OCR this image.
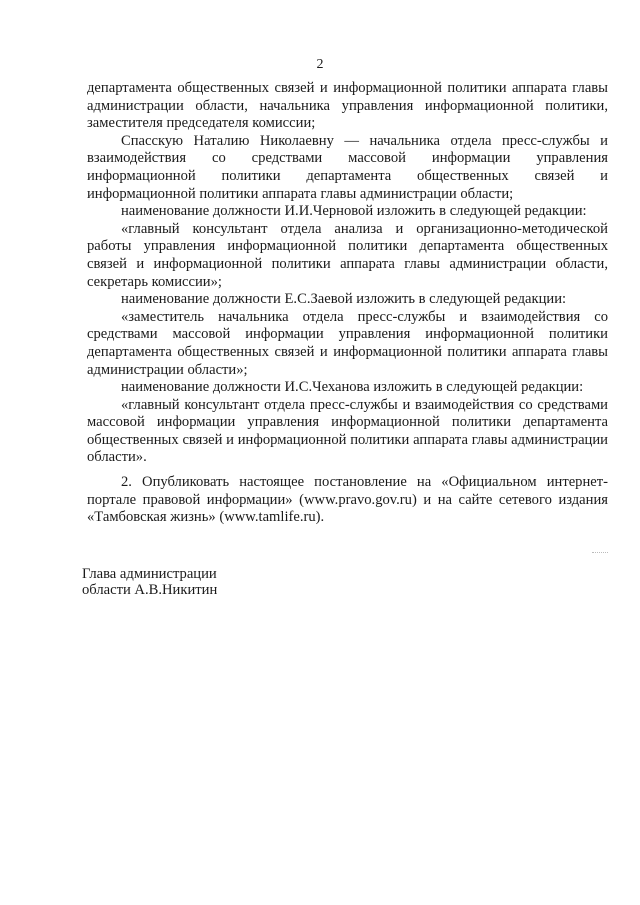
2

департамента общественных связей и информационной политики аппарата главы администрации области, начальника управления информационной политики, заместителя председателя комиссии;

Спасскую Наталию Николаевну — начальника отдела пресс-службы и взаимодействия со средствами массовой информации управления информационной политики департамента общественных связей и информационной политики аппарата главы администрации области;

наименование должности И.И.Черновой изложить в следующей редакции:

«главный консультант отдела анализа и организационно-методической работы управления информационной политики департамента общественных связей и информационной политики аппарата главы администрации области, секретарь комиссии»;

наименование должности Е.С.Заевой изложить в следующей редакции:

«заместитель начальника отдела пресс-службы и взаимодействия со средствами массовой информации управления информационной политики департамента общественных связей и информационной политики аппарата главы администрации области»;

наименование должности И.С.Чеханова изложить в следующей редакции:

«главный консультант отдела пресс-службы и взаимодействия со средствами массовой информации управления информационной политики департамента общественных связей и информационной политики аппарата главы администрации области».

2. Опубликовать настоящее постановление на «Официальном интернет-портале правовой информации» (www.pravo.gov.ru) и на сайте сетевого издания «Тамбовская жизнь» (www.tamlife.ru).

Глава администрации
области А.В.Никитин
